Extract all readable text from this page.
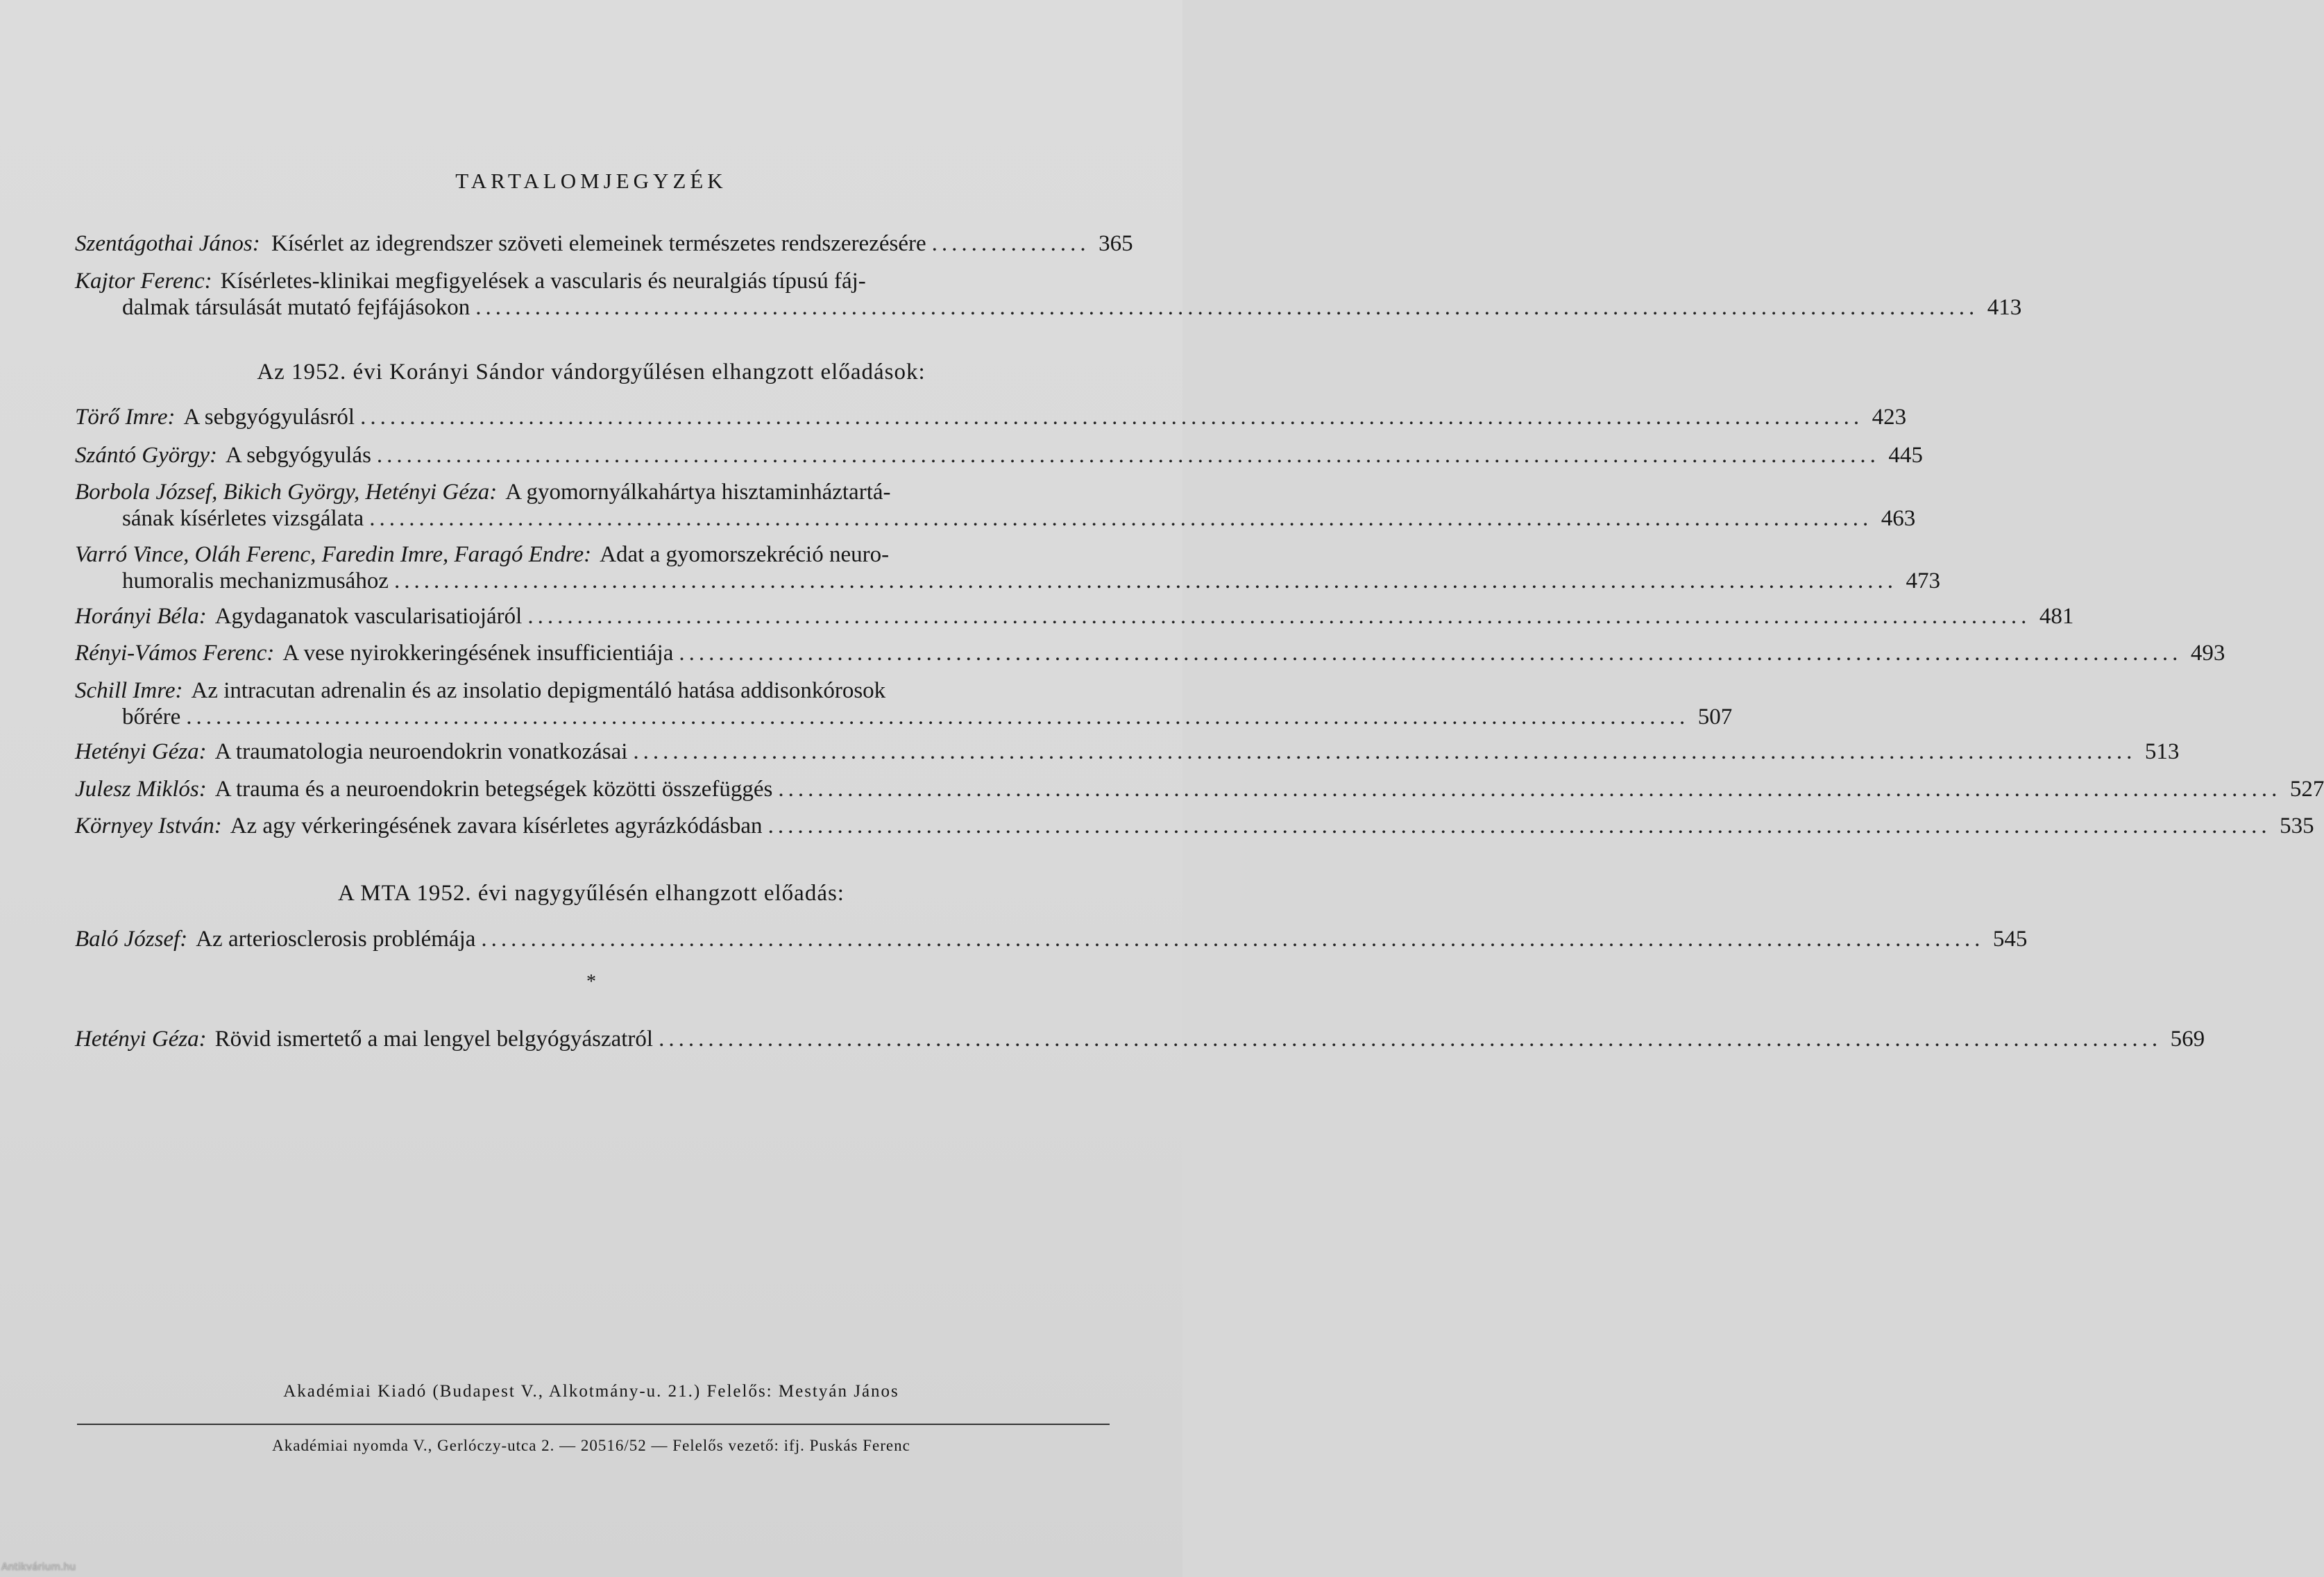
TARTALOMJEGYZÉK
Szentágothai János:
Kísérlet az idegrendszer szöveti elemeinek természetes rendszerezésére ................ 365
Kajtor Ferenc: Kísérletes-klinikai megfigyelések a vascularis és neuralgiás típusú fáj-
dalmak társulását mutató fejfájásokon ........................................................................................................................................................ 413
Az 1952. évi Korányi Sándor vándorgyűlésen elhangzott előadások:
Törő Imre: A sebgyógyulásról ........................................................................................................................................................ 423
Szántó György: A sebgyógyulás ........................................................................................................................................................ 445
Borbola József, Bikich György, Hetényi Géza: A gyomornyálkahártya hisztaminháztartá-
sának kísérletes vizsgálata ........................................................................................................................................................ 463
Varró Vince, Oláh Ferenc, Faredin Imre, Faragó Endre: Adat a gyomorszekréció neuro-
humoralis mechanizmusához ........................................................................................................................................................ 473
Horányi Béla: Agydaganatok vascularisatiojáról ........................................................................................................................................................ 481
Rényi-Vámos Ferenc: A vese nyirokkeringésének insufficientiája ........................................................................................................................................................ 493
Schill Imre: Az intracutan adrenalin és az insolatio depigmentáló hatása addisonkórosok
bőrére ........................................................................................................................................................ 507
Hetényi Géza: A traumatologia neuroendokrin vonatkozásai ........................................................................................................................................................ 513
Julesz Miklós: A trauma és a neuroendokrin betegségek közötti összefüggés ........................................................................................................................................................ 527
Környey István: Az agy vérkeringésének zavara kísérletes agyrázkódásban ........................................................................................................................................................ 535
A MTA 1952. évi nagygyűlésén elhangzott előadás:
Baló József: Az arteriosclerosis problémája ........................................................................................................................................................ 545
*
Hetényi Géza: Rövid ismertető a mai lengyel belgyógyászatról ........................................................................................................................................................ 569
Akadémiai Kiadó (Budapest V., Alkotmány-u. 21.) Felelős: Mestyán János
Akadémiai nyomda V., Gerlóczy-utca 2. — 20516/52 — Felelős vezető: ifj. Puskás Ferenc
Antikvárium.hu
